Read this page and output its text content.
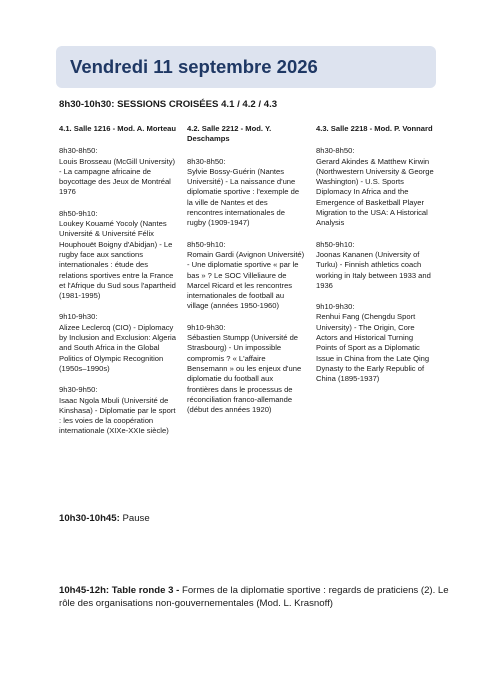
Vendredi 11 septembre 2026

8h30-10h30: SESSIONS CROISÉES 4.1 / 4.2 / 4.3

4.1. Salle 1216 - Mod. A. Morteau

8h30-8h50:
Louis Brosseau (McGill University) - La campagne africaine de boycottage des Jeux de Montréal 1976
8h50-9h10:
Loukey Kouamé Yocoly (Nantes Université & Université Félix Houphouët Boigny d'Abidjan) - Le rugby face aux sanctions internationales : étude des relations sportives entre la France et l'Afrique du Sud sous l'apartheid (1981-1995)
9h10-9h30:
Alizee Leclercq (CIO) - Diplomacy by Inclusion and Exclusion: Algeria and South Africa in the Global Politics of Olympic Recognition (1950s–1990s)
9h30-9h50:
Isaac Ngola Mbuli (Université de Kinshasa) - Diplomatie par le sport : les voies de la coopération internationale (XIXe-XXIe siècle)

4.2. Salle 2212 - Mod. Y. Deschamps

8h30-8h50:
Sylvie Bossy-Guérin (Nantes Université) - La naissance d'une diplomatie sportive : l'exemple de la ville de Nantes et des rencontres internationales de rugby (1909-1947)
8h50-9h10:
Romain Gardi (Avignon Université) - Une diplomatie sportive « par le bas » ? Le SOC Villeliaure de Marcel Ricard et les rencontres internationales de football au village (années 1950-1960)
9h10-9h30:
Sébastien Stumpp (Université de Strasbourg) - Un impossible compromis ? « L'affaire Bensemann » ou les enjeux d'une diplomatie du football aux frontières dans le processus de réconciliation franco-allemande (début des années 1920)

4.3. Salle 2218 - Mod. P. Vonnard

8h30-8h50:
Gerard Akindes & Matthew Kirwin (Northwestern University & George Washington) - U.S. Sports Diplomacy In Africa and the Emergence of Basketball Player Migration to the USA: A Historical Analysis
8h50-9h10:
Joonas Kananen (University of Turku) - Finnish athletics coach working in Italy between 1933 and 1936
9h10-9h30:
Renhui Fang (Chengdu Sport University) - The Origin, Core Actors and Historical Turning Points of Sport as a Diplomatic Issue in China from the Late Qing Dynasty to the Early Republic of China (1895-1937)

10h30-10h45: Pause

10h45-12h: Table ronde 3 - Formes de la diplomatie sportive : regards de praticiens (2). Le rôle des organisations non-gouvernementales (Mod. L. Krasnoff)
